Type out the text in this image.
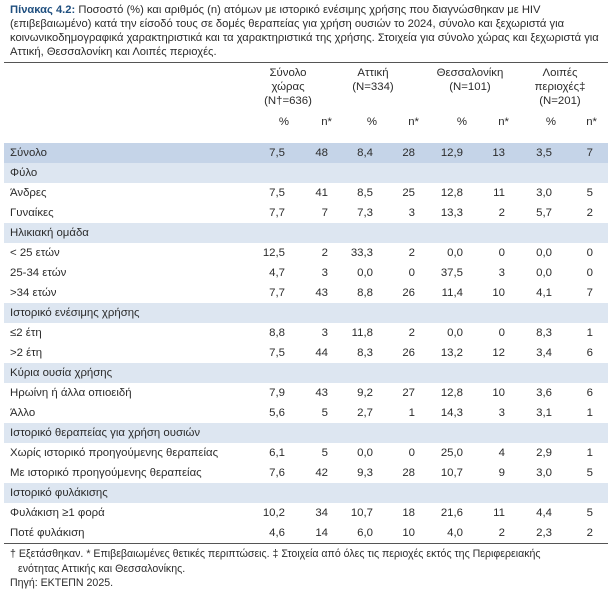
Πίνακας 4.2: Ποσοστό (%) και αριθμός (n) ατόμων με ιστορικό ενέσιμης χρήσης που διαγνώσθηκαν με HIV (επιβεβαιωμένο) κατά την είσοδό τους σε δομές θεραπείας για χρήση ουσιών το 2024, σύνολο και ξεχωριστά για κοινωνικοδημογραφικά χαρακτηριστικά και τα χαρακτηριστικά της χρήσης. Στοιχεία για σύνολο χώρας και ξεχωριστά για Αττική, Θεσσαλονίκη και Λοιπές περιοχές.
Σύνολο
χώρας
(N†=636)
Αττική
(N=334)
Θεσσαλονίκη
(N=101)
Λοιπές
περιοχές‡
(N=201)
%	n*	%	n*	%	n*	%	n*
Σύνολο	7,5	48	8,4	28	12,9	13	3,5	7
Φύλο
Άνδρες	7,5	41	8,5	25	12,8	11	3,0	5
Γυναίκες	7,7	7	7,3	3	13,3	2	5,7	2
Ηλικιακή ομάδα
< 25 ετών	12,5	2	33,3	2	0,0	0	0,0	0
25-34 ετών	4,7	3	0,0	0	37,5	3	0,0	0
>34 ετών	7,7	43	8,8	26	11,4	10	4,1	7
Ιστορικό ενέσιμης χρήσης
≤2 έτη	8,8	3	11,8	2	0,0	0	8,3	1
>2 έτη	7,5	44	8,3	26	13,2	12	3,4	6
Κύρια ουσία χρήσης
Ηρωίνη ή άλλα οπιοειδή	7,9	43	9,2	27	12,8	10	3,6	6
Άλλο	5,6	5	2,7	1	14,3	3	3,1	1
Ιστορικό θεραπείας για χρήση ουσιών
Χωρίς ιστορικό προηγούμενης θεραπείας	6,1	5	0,0	0	25,0	4	2,9	1
Με ιστορικό προηγούμενης θεραπείας	7,6	42	9,3	28	10,7	9	3,0	5
Ιστορικό φυλάκισης
Φυλάκιση ≥1 φορά	10,2	34	10,7	18	21,6	11	4,4	5
Ποτέ φυλάκιση	4,6	14	6,0	10	4,0	2	2,3	2
† Εξετάσθηκαν. * Επιβεβαιωμένες θετικές περιπτώσεις. ‡ Στοιχεία από όλες τις περιοχές εκτός της Περιφερειακής
ενότητας Αττικής και Θεσσαλονίκης.
Πηγή: ΕΚΤΕΠΝ 2025.
